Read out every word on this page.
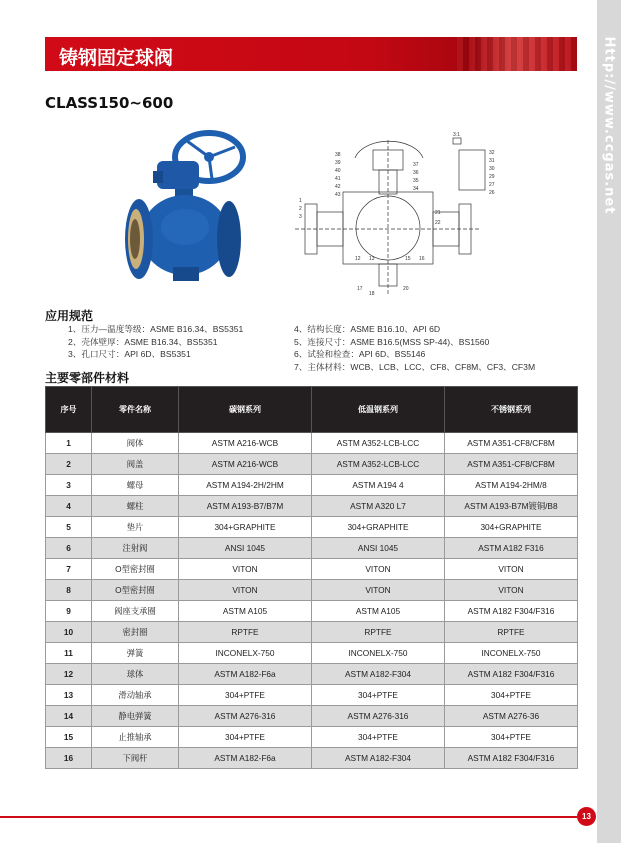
Http://www.ccgas.net
铸钢固定球阀
CLASS150~600
38
39
40
41
42
43
1
2
3
12 13	15 16
22
21
32
31
30
29
27
26
37
36
35
34
17
18
20
3:1
应用规范
1、压力—温度等级：ASME B16.34、BS5351
2、壳体壁厚：ASME B16.34、BS5351
3、孔口尺寸：API 6D、BS5351
4、结构长度：ASME B16.10、API 6D
5、连接尺寸：ASME B16.5(MSS SP-44)、BS1560
6、试验和检查：API 6D、BS5146
7、主体材料：WCB、LCB、LCC、CF8、CF8M、CF3、CF3M
主要零部件材料
序号	零件名称	碳钢系列	低温钢系列	不锈钢系列
1	阀体	ASTM A216-WCB	ASTM A352-LCB-LCC	ASTM A351-CF8/CF8M
2	阀盖	ASTM A216-WCB	ASTM A352-LCB-LCC	ASTM A351-CF8/CF8M
3	螺母	ASTM A194-2H/2HM	ASTM A194 4	ASTM A194-2HM/8
4	螺柱	ASTM A193-B7/B7M	ASTM A320 L7	ASTM A193-B7M镀铜/B8
5	垫片	304+GRAPHITE	304+GRAPHITE	304+GRAPHITE
6	注射阀	ANSI 1045	ANSI 1045	ASTM A182 F316
7	O型密封圈	VITON	VITON	VITON
8	O型密封圈	VITON	VITON	VITON
9	阀座支承圈	ASTM A105	ASTM A105	ASTM A182 F304/F316
10	密封圈	RPTFE	RPTFE	RPTFE
11	弹簧	INCONELX-750	INCONELX-750	INCONELX-750
12	球体	ASTM A182-F6a	ASTM A182-F304	ASTM A182 F304/F316
13	滑动轴承	304+PTFE	304+PTFE	304+PTFE
14	静电弹簧	ASTM A276-316	ASTM A276-316	ASTM A276-36
15	止推轴承	304+PTFE	304+PTFE	304+PTFE
16	下阀杆	ASTM A182-F6a	ASTM A182-F304	ASTM A182 F304/F316
13
